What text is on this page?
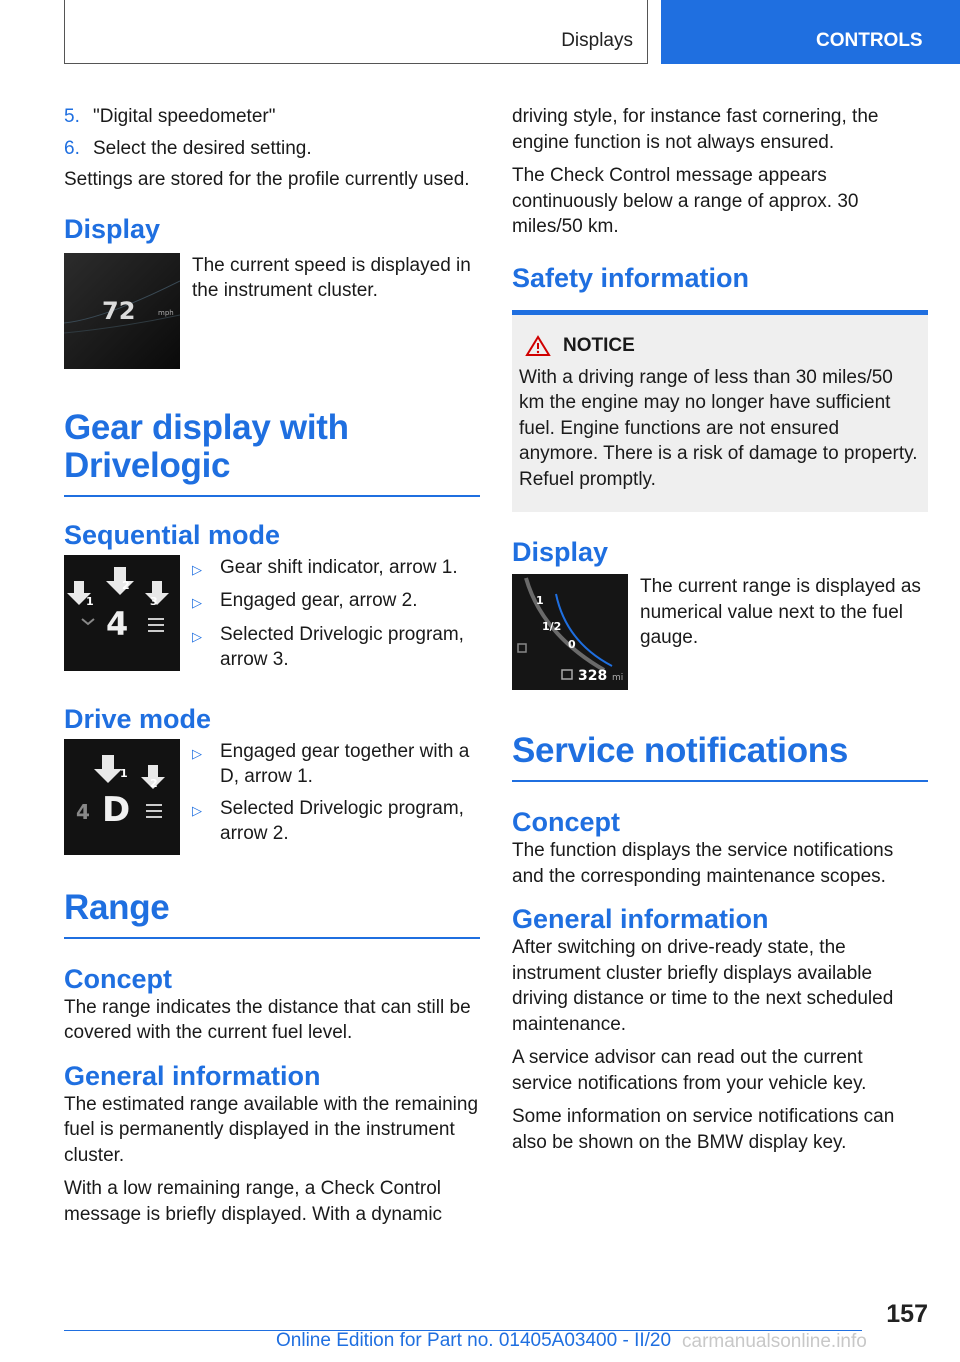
Displays	CONTROLS
5. "Digital speedometer"
6. Select the desired setting.

Settings are stored for the profile currently used.

Display
72	mph

The current speed is displayed in the instrument cluster.

Gear display with Drivelogic
Sequential mode
1
2
3
4
▷ Gear shift indicator, arrow 1.
▷ Engaged gear, arrow 2.
▷ Selected Drivelogic program, arrow 3.
Drive mode
1
2
4 D
▷ Engaged gear together with a D, arrow 1.
▷ Selected Drivelogic program, arrow 2.
Range
Concept

The range indicates the distance that can still be covered with the current fuel level.

General information

The estimated range available with the remaining fuel is permanently displayed in the instrument cluster.

With a low remaining range, a Check Control message is briefly displayed. With a dynamic

driving style, for instance fast cornering, the engine function is not always ensured.

The Check Control message appears continuously below a range of approx. 30 miles/50 km.

Safety information
NOTICE

With a driving range of less than 30 miles/50 km the engine may no longer have sufficient fuel. Engine functions are not ensured anymore. There is a risk of damage to property. Refuel promptly.

Display
1
1/2
0
328 mi

The current range is displayed as numerical value next to the fuel gauge.

Service notifications
Concept

The function displays the service notifications and the corresponding maintenance scopes.

General information

After switching on drive-ready state, the instrument cluster briefly displays available driving distance or time to the next scheduled maintenance.

A service advisor can read out the current service notifications from your vehicle key.

Some information on service notifications can also be shown on the BMW display key.

157
Online Edition for Part no. 01405A03400 - II/20 carmanualsonline.info
